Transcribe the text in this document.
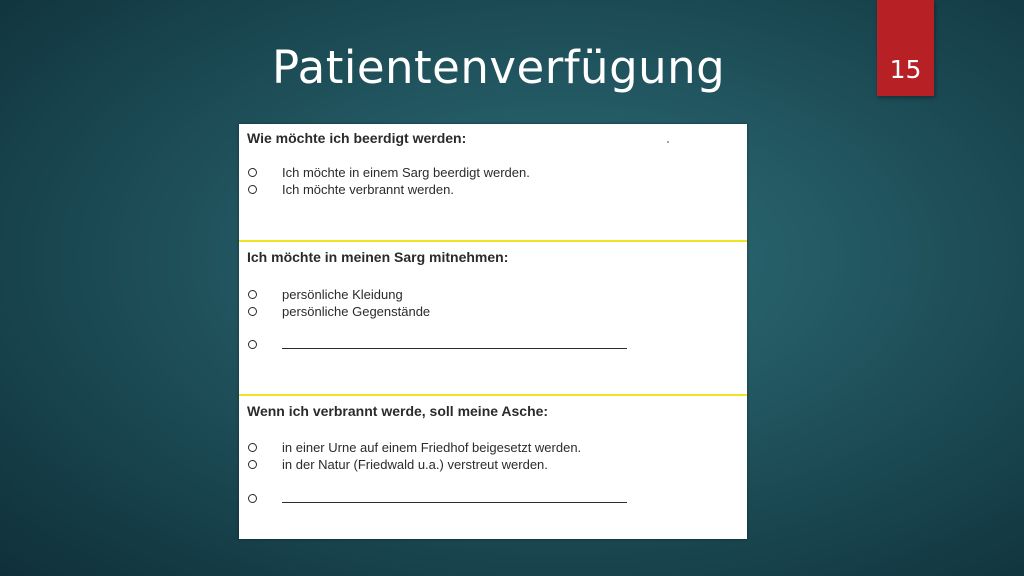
Patientenverfügung	15

Wie möchte ich beerdigt werden:

Ich möchte in einem Sarg beerdigt werden.
Ich möchte verbrannt werden.

Ich möchte in meinen Sarg mitnehmen:

persönliche Kleidung
persönliche Gegenstände

Wenn ich verbrannt werde, soll meine Asche:

in einer Urne auf einem Friedhof beigesetzt werden.
in der Natur (Friedwald u.a.) verstreut werden.
